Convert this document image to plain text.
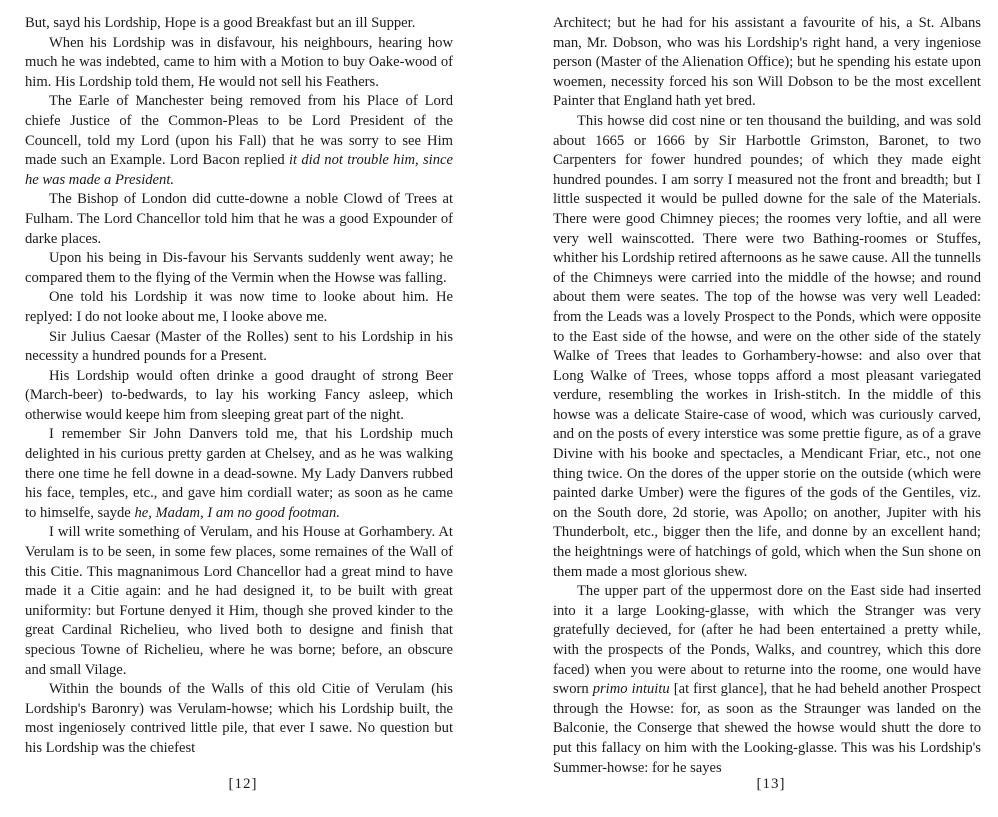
But, sayd his Lordship, Hope is a good Breakfast but an ill Supper.

When his Lordship was in disfavour, his neighbours, hearing how much he was indebted, came to him with a Motion to buy Oake-wood of him. His Lordship told them, He would not sell his Feathers.

The Earle of Manchester being removed from his Place of Lord chiefe Justice of the Common-Pleas to be Lord President of the Councell, told my Lord (upon his Fall) that he was sorry to see Him made such an Example. Lord Bacon replied it did not trouble him, since he was made a President.

The Bishop of London did cutte-downe a noble Clowd of Trees at Fulham. The Lord Chancellor told him that he was a good Expounder of darke places.

Upon his being in Dis-favour his Servants suddenly went away; he compared them to the flying of the Vermin when the Howse was falling.

One told his Lordship it was now time to looke about him. He replyed: I do not looke about me, I looke above me.

Sir Julius Caesar (Master of the Rolles) sent to his Lordship in his necessity a hundred pounds for a Present.

His Lordship would often drinke a good draught of strong Beer (March-beer) to-bedwards, to lay his working Fancy asleep, which otherwise would keepe him from sleeping great part of the night.

I remember Sir John Danvers told me, that his Lordship much delighted in his curious pretty garden at Chelsey, and as he was walking there one time he fell downe in a dead-sowne. My Lady Danvers rubbed his face, temples, etc., and gave him cordiall water; as soon as he came to himselfe, sayde he, Madam, I am no good footman.

I will write something of Verulam, and his House at Gorhambery. At Verulam is to be seen, in some few places, some remaines of the Wall of this Citie. This magnanimous Lord Chancellor had a great mind to have made it a Citie again: and he had designed it, to be built with great uniformity: but Fortune denyed it Him, though she proved kinder to the great Cardinal Richelieu, who lived both to designe and finish that specious Towne of Richelieu, where he was borne; before, an obscure and small Vilage.

Within the bounds of the Walls of this old Citie of Verulam (his Lordship's Baronry) was Verulam-howse; which his Lordship built, the most ingeniosely contrived little pile, that ever I sawe. No question but his Lordship was the chiefest

[12]

Architect; but he had for his assistant a favourite of his, a St. Albans man, Mr. Dobson, who was his Lordship's right hand, a very ingeniose person (Master of the Alienation Office); but he spending his estate upon woemen, necessity forced his son Will Dobson to be the most excellent Painter that England hath yet bred.

This howse did cost nine or ten thousand the building, and was sold about 1665 or 1666 by Sir Harbottle Grimston, Baronet, to two Carpenters for fower hundred poundes; of which they made eight hundred poundes. I am sorry I measured not the front and breadth; but I little suspected it would be pulled downe for the sale of the Materials. There were good Chimney pieces; the roomes very loftie, and all were very well wainscotted. There were two Bathing-roomes or Stuffes, whither his Lordship retired afternoons as he sawe cause. All the tunnells of the Chimneys were carried into the middle of the howse; and round about them were seates. The top of the howse was very well Leaded: from the Leads was a lovely Prospect to the Ponds, which were opposite to the East side of the howse, and were on the other side of the stately Walke of Trees that leades to Gorhambery-howse: and also over that Long Walke of Trees, whose topps afford a most pleasant variegated verdure, resembling the workes in Irish-stitch. In the middle of this howse was a delicate Staire-case of wood, which was curiously carved, and on the posts of every interstice was some prettie figure, as of a grave Divine with his booke and spectacles, a Mendicant Friar, etc., not one thing twice. On the dores of the upper storie on the outside (which were painted darke Umber) were the figures of the gods of the Gentiles, viz. on the South dore, 2d storie, was Apollo; on another, Jupiter with his Thunderbolt, etc., bigger then the life, and donne by an excellent hand; the heightnings were of hatchings of gold, which when the Sun shone on them made a most glorious shew.

The upper part of the uppermost dore on the East side had inserted into it a large Looking-glasse, with which the Stranger was very gratefully decieved, for (after he had been entertained a pretty while, with the prospects of the Ponds, Walks, and countrey, which this dore faced) when you were about to returne into the roome, one would have sworn primo intuitu [at first glance], that he had beheld another Prospect through the Howse: for, as soon as the Straunger was landed on the Balconie, the Conserge that shewed the howse would shutt the dore to put this fallacy on him with the Looking-glasse. This was his Lordship's Summer-howse: for he sayes

[13]
